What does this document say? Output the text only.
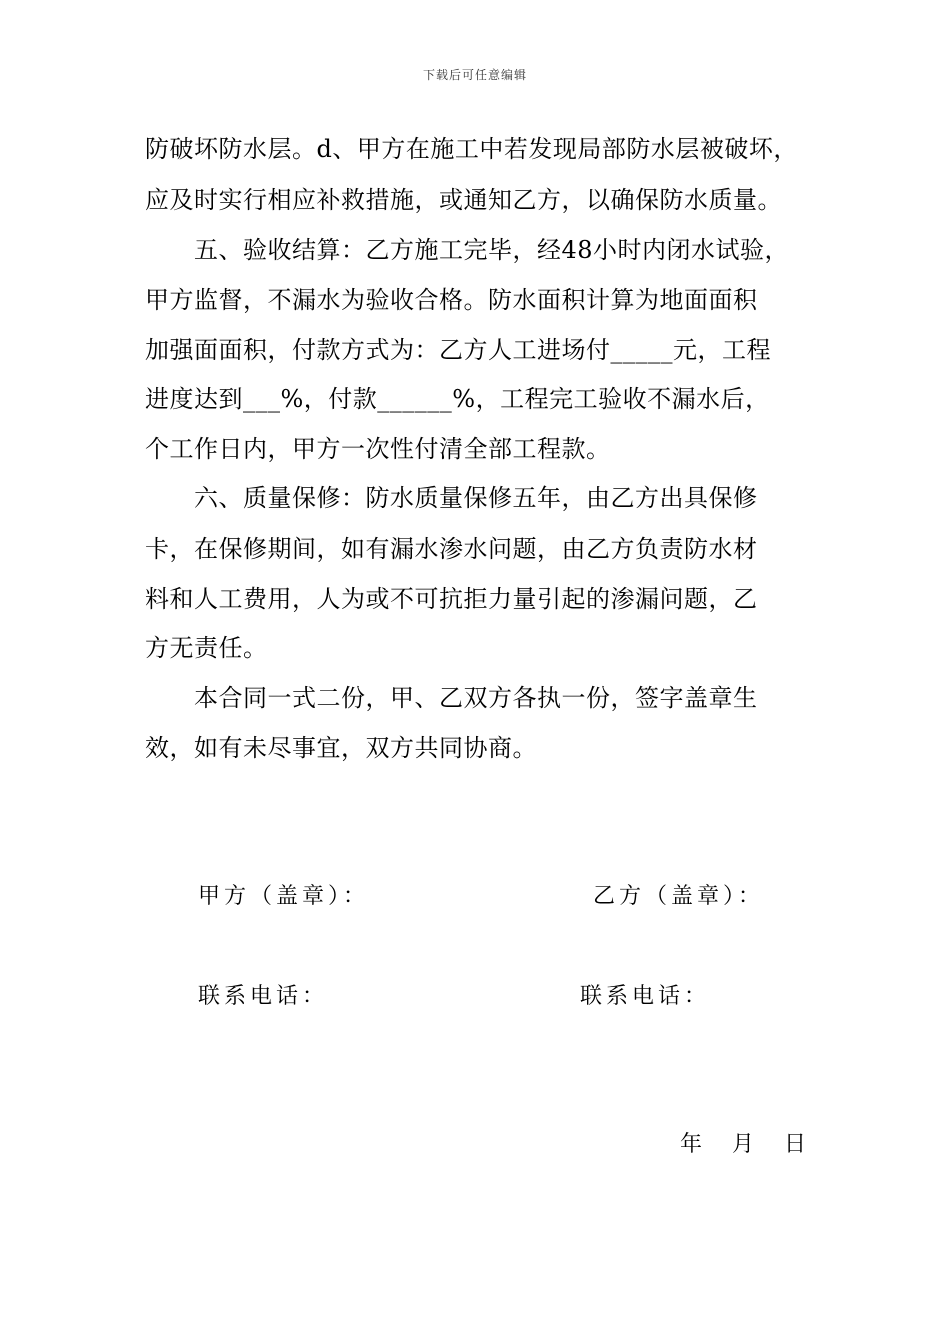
下载后可任意编辑
防破坏防水层。d、甲方在施工中若发现局部防水层被破坏，
应及时实行相应补救措施，或通知乙方，以确保防水质量。
　　五、验收结算：乙方施工完毕，经48小时内闭水试验，
甲方监督，不漏水为验收合格。防水面积计算为地面面积
加强面面积，付款方式为：乙方人工进场付_____元，工程
进度达到___%，付款______%，工程完工验收不漏水后，
个工作日内，甲方一次性付清全部工程款。
　　六、质量保修：防水质量保修五年，由乙方出具保修
卡，在保修期间，如有漏水渗水问题，由乙方负责防水材
料和人工费用，人为或不可抗拒力量引起的渗漏问题，乙
方无责任。
　　本合同一式二份，甲、乙双方各执一份，签字盖章生
效，如有未尽事宜，双方共同协商。
甲方（盖章）：	乙方（盖章）：
联系电话：	联系电话：
年　月　日
